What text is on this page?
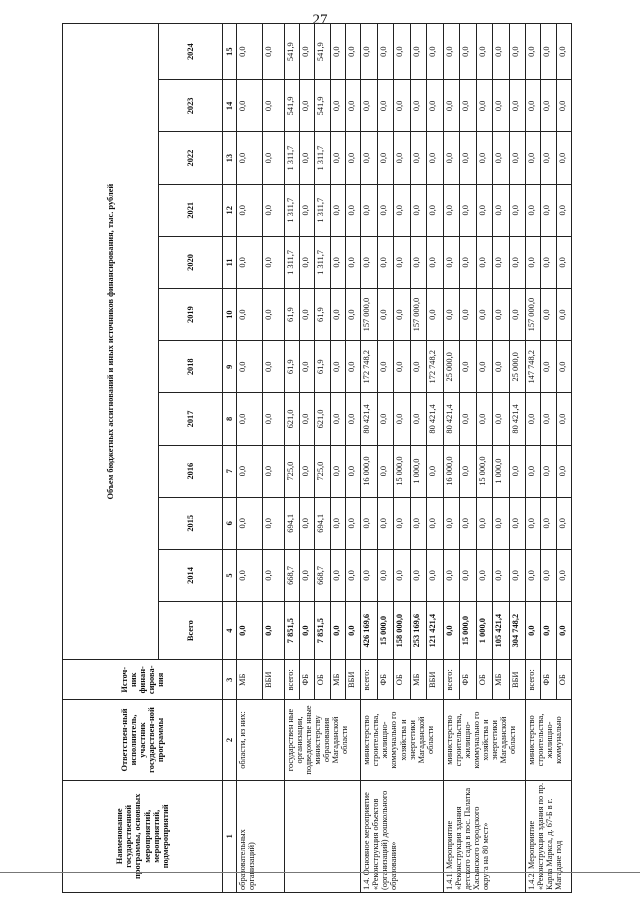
27
Наименование государственной программы, основных мероприятий, мероприятий, подмероприятий	Ответствен-ный исполнитель, участник государствен-ной программы	Источ-ник финан-сирова-ния	Объем бюджетных ассигнований и иных источников финансирования, тыс. рублей											
			Всего	2014	2015	2016	2017	2018	2019	2020	2021	2022	2023	2024
1	2	3	4	5	6	7	8	9	10	11	12	13	14	15
образовательных организаций)	области, из них:	МБ	0,0	0,0	0,0	0,0	0,0	0,0	0,0	0,0	0,0	0,0	0,0	0,0
		ВБИ	0,0	0,0	0,0	0,0	0,0	0,0	0,0	0,0	0,0	0,0	0,0	0,0
	государствен ные организации, подведомстве нные министерству образования Магаданской области	всего:	7 851,5	668,7	694,1	725,0	621,0	61,9	61,9	1 311,7	1 311,7	1 311,7	541,9	541,9
		ФБ	0,0	0,0	0,0	0,0	0,0	0,0	0,0	0,0	0,0	0,0	0,0	0,0
		ОБ	7 851,5	668,7	694,1	725,0	621,0	61,9	61,9	1 311,7	1 311,7	1 311,7	541,9	541,9
		МБ	0,0	0,0	0,0	0,0	0,0	0,0	0,0	0,0	0,0	0,0	0,0	0,0
		ВБИ	0,0	0,0	0,0	0,0	0,0	0,0	0,0	0,0	0,0	0,0	0,0	0,0
1.4. Основное мероприятие «Реконструкция объектов (организаций) дошкольного образования»	министерство строительства, жилищно-коммунально го хозяйства и энергетики Магаданской области	всего:	426 169,6	0,0	0,0	16 000,0	80 421,4	172 748,2	157 000,0	0,0	0,0	0,0	0,0	0,0
		ФБ	15 000,0	0,0	0,0	0,0	0,0	0,0	0,0	0,0	0,0	0,0	0,0	0,0
		ОБ	158 000,0	0,0	0,0	15 000,0	0,0	0,0	0,0	0,0	0,0	0,0	0,0	0,0
		МБ	253 169,6	0,0	0,0	1 000,0	0,0	0,0	157 000,0	0,0	0,0	0,0	0,0	0,0
		ВБИ	121 421,4	0,0	0,0	0,0	80 421,4	172 748,2	0,0	0,0	0,0	0,0	0,0	0,0
1.4.1. Мероприятие «Реконструкция здания детского сада в пос. Палатка Хасынского городского округа на 80 мест»	министерство строительства, жилищно-коммунально го хозяйства и энергетики Магаданской области	всего:	0,0	0,0	0,0	16 000,0	80 421,4	25 000,0	0,0	0,0	0,0	0,0	0,0	0,0
		ФБ	15 000,0	0,0	0,0	0,0	0,0	0,0	0,0	0,0	0,0	0,0	0,0	0,0
		ОБ	1 000,0	0,0	0,0	15 000,0	0,0	0,0	0,0	0,0	0,0	0,0	0,0	0,0
		МБ	105 421,4	0,0	0,0	1 000,0	0,0	0,0	0,0	0,0	0,0	0,0	0,0	0,0
		ВБИ	304 748,2	0,0	0,0	0,0	80 421,4	25 000,0	0,0	0,0	0,0	0,0	0,0	0,0
1.4.2. Мероприятие «Реконструкция здания по пр. Карла Маркса, д. 67-Б в г. Магадане под	министерство строительства, жилищно-коммунально	всего:	0,0	0,0	0,0	0,0	0,0	147 748,2	157 000,0	0,0	0,0	0,0	0,0	0,0
		ФБ	0,0	0,0	0,0	0,0	0,0	0,0	0,0	0,0	0,0	0,0	0,0	0,0
		ОБ	0,0	0,0	0,0	0,0	0,0	0,0	0,0	0,0	0,0	0,0	0,0	0,0
